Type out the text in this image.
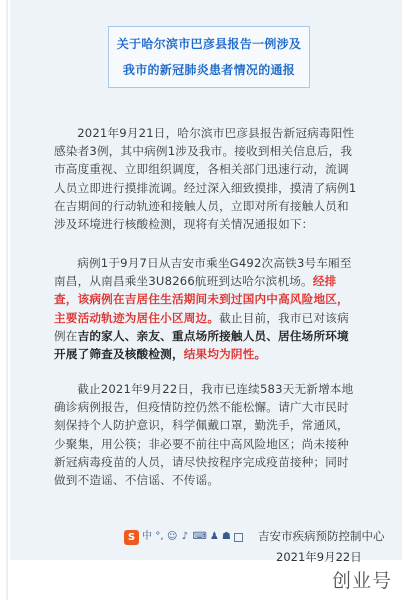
关于哈尔滨市巴彦县报告一例涉及
我市的新冠肺炎患者情况的通报
2021年9月21日，哈尔滨市巴彦县报告新冠病毒阳性感染者3例，其中病例1涉及我市。接收到相关信息后，我市高度重视、立即组织调度，各相关部门迅速行动，流调人员立即进行摸排流调。经过深入细致摸排，摸清了病例1在吉期间的行动轨迹和接触人员，立即对所有接触人员和涉及环境进行核酸检测，现将有关情况通报如下：
病例1于9月7日从吉安市乘坐G492次高铁3号车厢至南昌，从南昌乘坐3U8266航班到达哈尔滨机场。经排查，该病例在吉居住生活期间未到过国内中高风险地区，主要活动轨迹为居住小区周边。截止目前，我市已对该病例在吉的家人、亲友、重点场所接触人员、居住场所环境开展了筛查及核酸检测，结果均为阴性。
截止2021年9月22日，我市已连续583天无新增本地确诊病例报告，但疫情防控仍然不能松懈。请广大市民时刻保持个人防护意识，科学佩戴口罩，勤洗手，常通风，少聚集，用公筷；非必要不前往中高风险地区；尚未接种新冠病毒疫苗的人员，请尽快按程序完成疫苗接种；同时做到不造谣、不信谣、不传谣。
S 中 °, ☺ ♪ ⌨ ♟ ☗ 吉安市疾病预防控制中心
2021年9月22日
创业号
